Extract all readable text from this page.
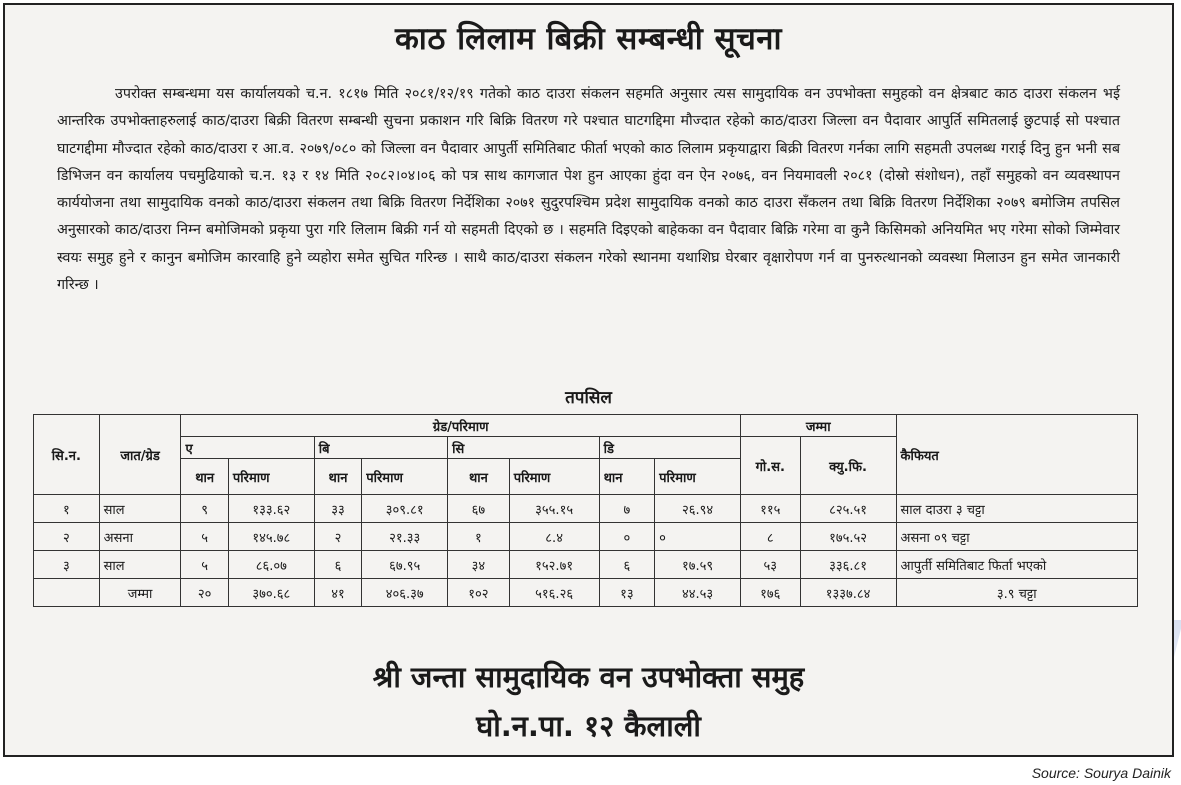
काठ लिलाम बिक्री सम्बन्धी सूचना
उपरोक्त सम्बन्धमा यस कार्यालयको च.न. १८१७ मिति २०८१/१२/१९ गतेको काठ दाउरा संकलन सहमति अनुसार त्यस सामुदायिक वन उपभोक्ता समुहको वन क्षेत्रबाट काठ दाउरा संकलन भई आन्तरिक उपभोक्ताहरुलाई काठ/दाउरा बिक्री वितरण सम्बन्धी सुचना प्रकाशन गरि बिक्रि वितरण गरे पश्चात घाटगद्दिमा मौज्दात रहेको काठ/दाउरा जिल्ला वन पैदावार आपुर्ति समितलाई छुटपाई सो पश्चात घाटगद्दीमा मौज्दात रहेको काठ/दाउरा र आ.व. २०७९/०८० को जिल्ला वन पैदावार आपुर्ती समितिबाट फीर्ता भएको काठ लिलाम प्रकृयाद्वारा बिक्री वितरण गर्नका लागि सहमती उपलब्ध गराई दिनु हुन भनी सब डिभिजन वन कार्यालय पचमुढियाको च.न. १३ र १४ मिति २०८२।०४।०६ को पत्र साथ कागजात पेश हुन आएका हुंदा वन ऐन २०७६, वन नियमावली २०८१ (दोस्रो संशोधन), तहाँ समुहको वन व्यवस्थापन कार्ययोजना तथा सामुदायिक वनको काठ/दाउरा संकलन तथा बिक्रि वितरण निर्देशिका २०७१ सुदुरपश्चिम प्रदेश सामुदायिक वनको काठ दाउरा सँकलन तथा बिक्रि वितरण निर्देशिका २०७९ बमोजिम तपसिल अनुसारको काठ/दाउरा निम्न बमोजिमको प्रकृया पुरा गरि लिलाम बिक्री गर्न यो सहमती दिएको छ । सहमति दिइएको बाहेकका वन पैदावार बिक्रि गरेमा वा कुनै किसिमको अनियमित भए गरेमा सोको जिम्मेवार स्वयः समुह हुने र कानुन बमोजिम कारवाहि हुने व्यहोरा समेत सुचित गरिन्छ । साथै काठ/दाउरा संकलन गरेको स्थानमा यथाशिघ्र घेरबार वृक्षारोपण गर्न वा पुनरुत्थानको व्यवस्था मिलाउन हुन समेत जानकारी गरिन्छ ।
तपसिल
सि.न.	जात/ग्रेड	ग्रेड/परिमाण								जम्मा		कैफियत
		ए		बि		सि		डि		गो.स.	क्यु.फि.	
		थान	परिमाण	थान	परिमाण	थान	परिमाण	थान	परिमाण			
१	साल	९	१३३.६२	३३	३०९.८१	६७	३५५.१५	७	२६.९४	११५	८२५.५१	साल दाउरा ३ चट्टा
२	असना	५	१४५.७८	२	२१.३३	१	८.४	०	०	८	१७५.५२	असना ०९ चट्टा
३	साल	५	८६.०७	६	६७.९५	३४	१५२.७१	६	१७.५९	५३	३३६.८१	आपुर्ती समितिबाट फिर्ता भएको
	जम्मा	२०	३७०.६८	४१	४०६.३७	१०२	५१६.२६	१३	४४.५३	१७६	१३३७.८४	३.९ चट्टा
श्री जन्ता सामुदायिक वन उपभोक्ता समुह
घो.न.पा. १२ कैलाली
Source: Sourya Dainik
